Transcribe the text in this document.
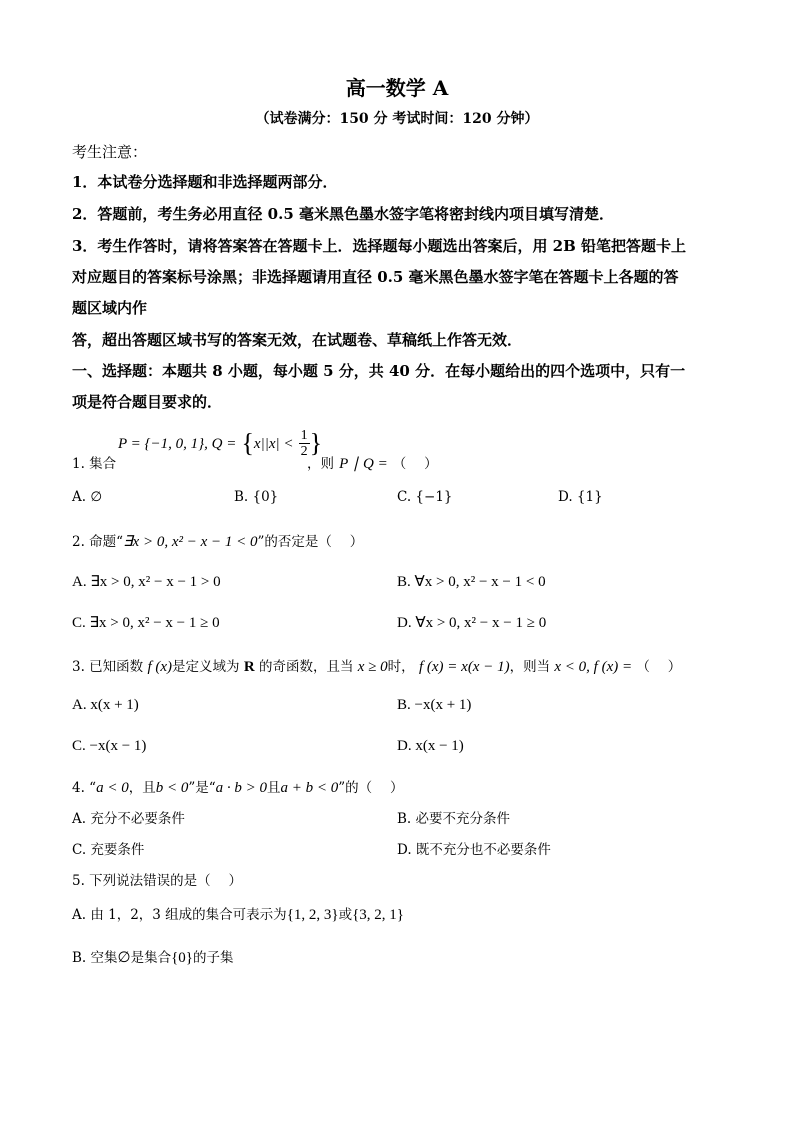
高一数学 A
（试卷满分：150 分 考试时间：120 分钟）
考生注意：
1．本试卷分选择题和非选择题两部分．
2．答题前，考生务必用直径 0.5 毫米黑色墨水签字笔将密封线内项目填写清楚．
3．考生作答时，请将答案答在答题卡上．选择题每小题选出答案后，用 2B 铅笔把答题卡上
对应题目的答案标号涂黑；非选择题请用直径 0.5 毫米黑色墨水签字笔在答题卡上各题的答
题区域内作
答，超出答题区域书写的答案无效，在试题卷、草稿纸上作答无效．
一、选择题：本题共 8 小题，每小题 5 分，共 40 分．在每小题给出的四个选项中，只有一
项是符合题目要求的．
1. 集合
P = {−1, 0, 1}, $Q = \{x||x| < \frac{1}{2}$ }
，则 P ∣ Q = （　 ）
A. ∅	B. {0}	C. {−1}	D. {1}
2. 命题“∃x > 0, x² − x − 1 < 0”的否定是（　 ）
A. ∃x > 0, x² − x − 1 > 0	B. ∀x > 0, x² − x − 1 < 0
C. ∃x > 0, x² − x − 1 ≥ 0	D. ∀x > 0, x² − x − 1 ≥ 0
3. 已知函数 f (x)是定义域为 R 的奇函数，且当 x ≥ 0时， f (x) = x(x − 1)，则当 x < 0, f (x) = （　 ）
A. x(x + 1)	B. −x(x + 1)
C. −x(x − 1)	D. x(x − 1)
4. “a < 0，且b < 0”是“a · b > 0且a + b < 0”的（　 ）
A. 充分不必要条件	B. 必要不充分条件
C. 充要条件	D. 既不充分也不必要条件
5. 下列说法错误的是（　 ）
A. 由 1，2，3 组成的集合可表示为{1, 2, 3}或{3, 2, 1}
B. 空集∅是集合{0}的子集
